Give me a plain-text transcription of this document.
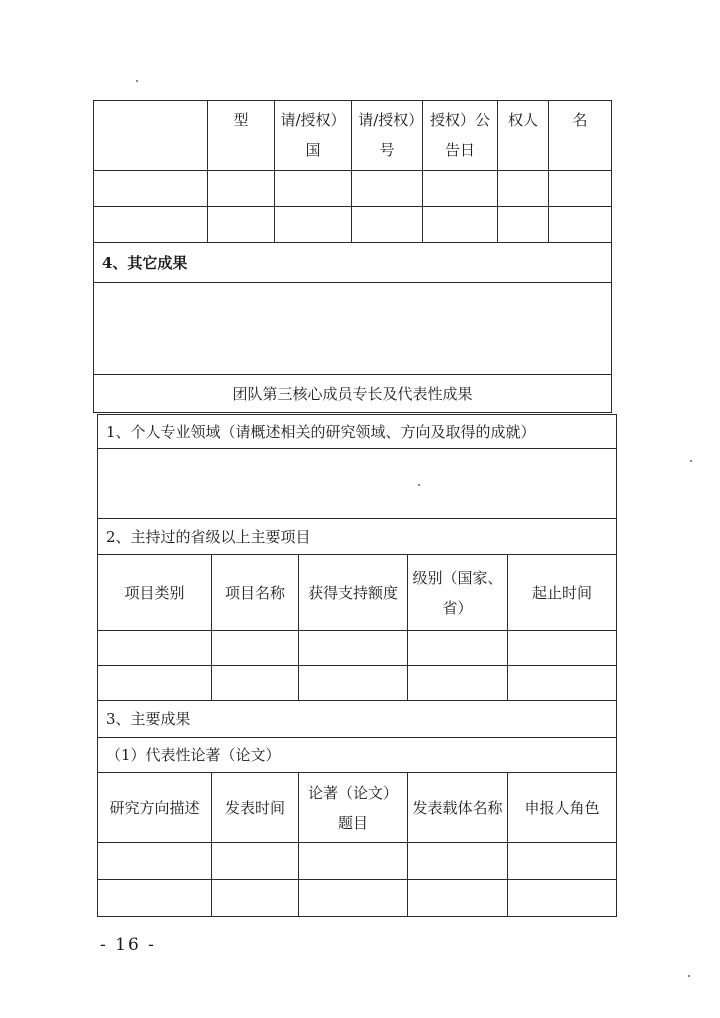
	型	请/授权）国	请/授权）号	授权）公告日	权人	名

4、其它成果						

团队第三核心成员专长及代表性成果						
1、个人专业领域（请概述相关的研究领域、方向及取得的成就）				

2、主持过的省级以上主要项目				
项目类别	项目名称	获得支持额度	级别（国家、省）	起止时间

3、主要成果				
（1）代表性论著（论文）				
研究方向描述	发表时间	论著（论文）题目	发表载体名称	申报人角色

- 16 -
